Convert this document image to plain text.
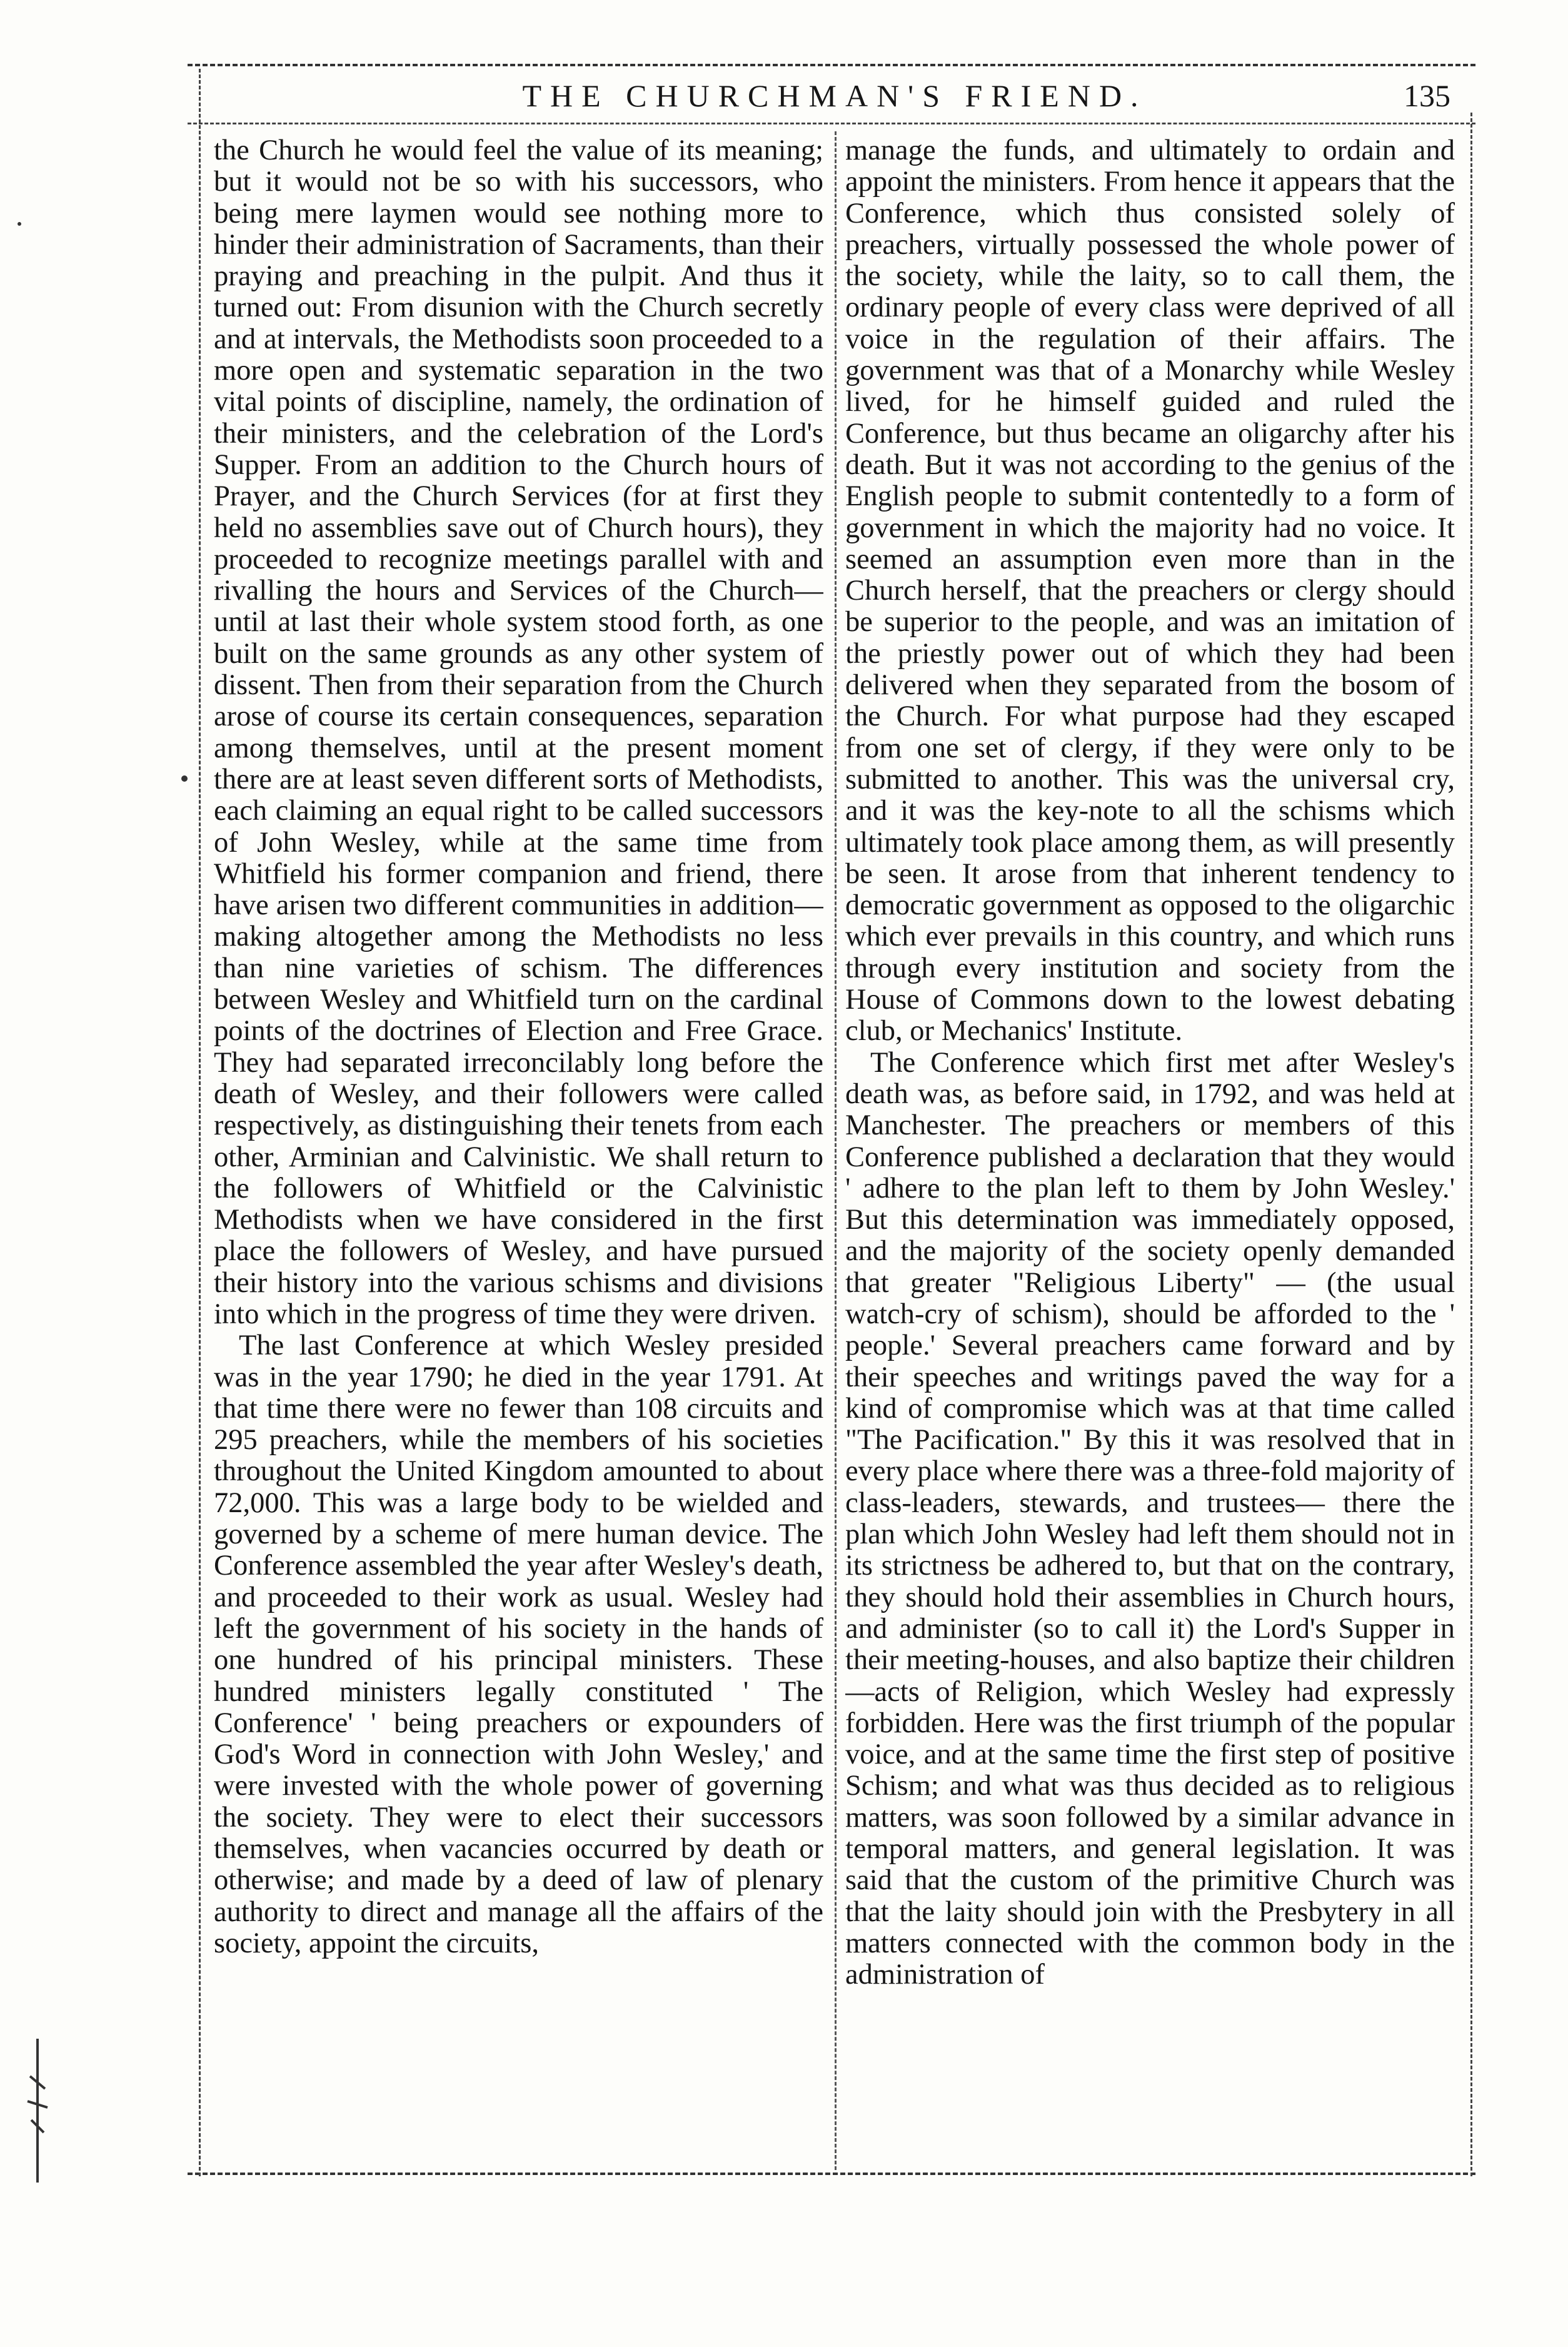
THE CHURCHMAN'S FRIEND.	135

the Church he would feel the value of its meaning; but it would not be so with his successors, who being mere laymen would see nothing more to hinder their administration of Sacraments, than their praying and preaching in the pulpit. And thus it turned out: From disunion with the Church secretly and at intervals, the Methodists soon proceeded to a more open and systematic separation in the two vital points of discipline, namely, the ordination of their ministers, and the celebration of the Lord's Supper. From an addition to the Church hours of Prayer, and the Church Services (for at first they held no assemblies save out of Church hours), they proceeded to recognize meetings parallel with and rivalling the hours and Services of the Church—until at last their whole system stood forth, as one built on the same grounds as any other system of dissent. Then from their separation from the Church arose of course its certain consequences, separation among themselves, until at the present moment there are at least seven different sorts of Methodists, each claiming an equal right to be called successors of John Wesley, while at the same time from Whitfield his former companion and friend, there have arisen two different communities in addition—making altogether among the Methodists no less than nine varieties of schism. The differences between Wesley and Whitfield turn on the cardinal points of the doctrines of Election and Free Grace. They had separated irreconcilably long before the death of Wesley, and their followers were called respectively, as distinguishing their tenets from each other, Arminian and Calvinistic. We shall return to the followers of Whitfield or the Calvinistic Methodists when we have considered in the first place the followers of Wesley, and have pursued their history into the various schisms and divisions into which in the progress of time they were driven.

The last Conference at which Wesley presided was in the year 1790; he died in the year 1791. At that time there were no fewer than 108 circuits and 295 preachers, while the members of his societies throughout the United Kingdom amounted to about 72,000. This was a large body to be wielded and governed by a scheme of mere human device. The Conference assembled the year after Wesley's death, and proceeded to their work as usual. Wesley had left the government of his society in the hands of one hundred of his principal ministers. These hundred ministers legally constituted ' The Conference' ' being preachers or expounders of God's Word in connection with John Wesley,' and were invested with the whole power of governing the society. They were to elect their successors themselves, when vacancies occurred by death or otherwise; and made by a deed of law of plenary authority to direct and manage all the affairs of the society, appoint the circuits,

manage the funds, and ultimately to ordain and appoint the ministers. From hence it appears that the Conference, which thus consisted solely of preachers, virtually possessed the whole power of the society, while the laity, so to call them, the ordinary people of every class were deprived of all voice in the regulation of their affairs. The government was that of a Monarchy while Wesley lived, for he himself guided and ruled the Conference, but thus became an oligarchy after his death. But it was not according to the genius of the English people to submit contentedly to a form of government in which the majority had no voice. It seemed an assumption even more than in the Church herself, that the preachers or clergy should be superior to the people, and was an imitation of the priestly power out of which they had been delivered when they separated from the bosom of the Church. For what purpose had they escaped from one set of clergy, if they were only to be submitted to another. This was the universal cry, and it was the key-note to all the schisms which ultimately took place among them, as will presently be seen. It arose from that inherent tendency to democratic government as opposed to the oligarchic which ever prevails in this country, and which runs through every institution and society from the House of Commons down to the lowest debating club, or Mechanics' Institute.

The Conference which first met after Wesley's death was, as before said, in 1792, and was held at Manchester. The preachers or members of this Conference published a declaration that they would ' adhere to the plan left to them by John Wesley.' But this determination was immediately opposed, and the majority of the society openly demanded that greater "Religious Liberty" — (the usual watch-cry of schism), should be afforded to the ' people.' Several preachers came forward and by their speeches and writings paved the way for a kind of compromise which was at that time called "The Pacification." By this it was resolved that in every place where there was a three-fold majority of class-leaders, stewards, and trustees— there the plan which John Wesley had left them should not in its strictness be adhered to, but that on the contrary, they should hold their assemblies in Church hours, and administer (so to call it) the Lord's Supper in their meeting-houses, and also baptize their children—acts of Religion, which Wesley had expressly forbidden. Here was the first triumph of the popular voice, and at the same time the first step of positive Schism; and what was thus decided as to religious matters, was soon followed by a similar advance in temporal matters, and general legislation. It was said that the custom of the primitive Church was that the laity should join with the Presbytery in all matters connected with the common body in the administration of
